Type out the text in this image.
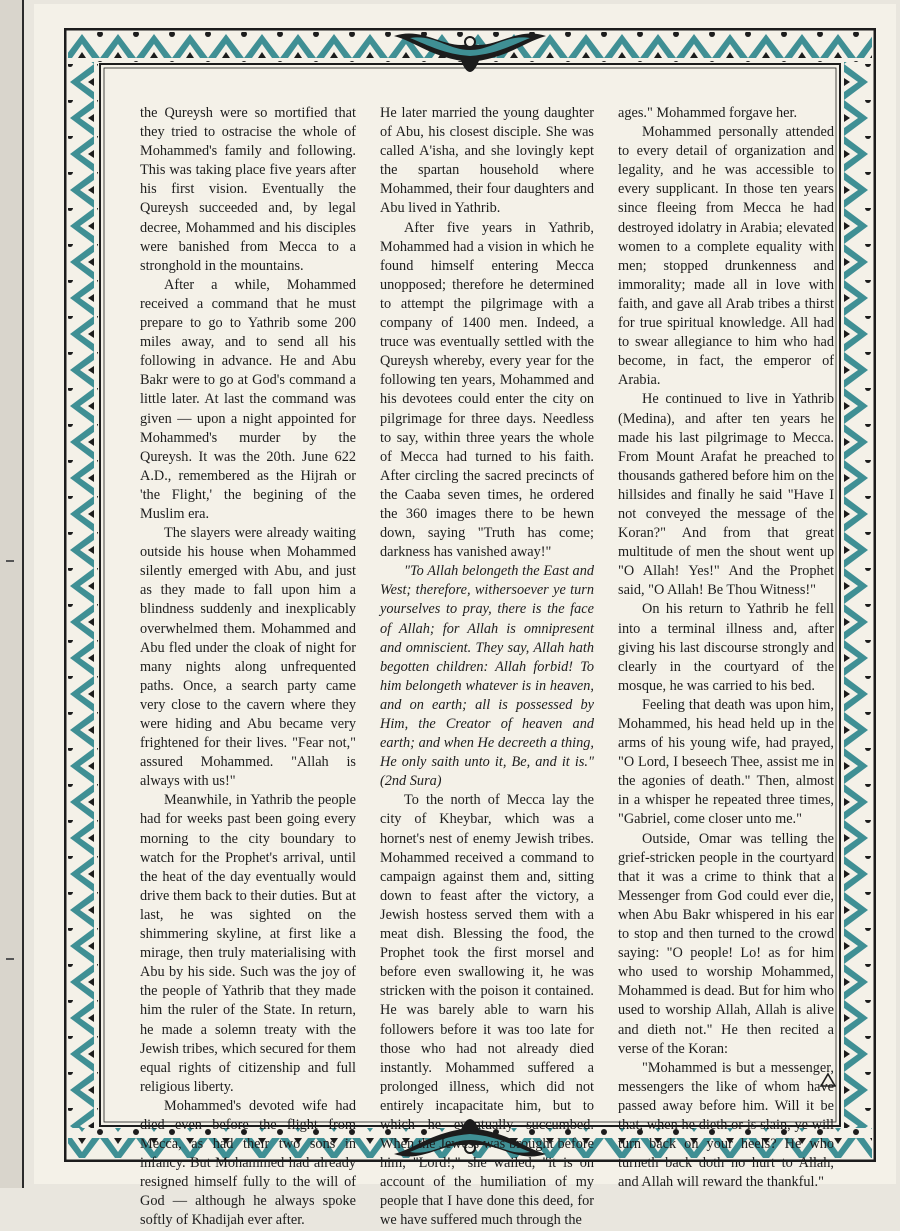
the Qureysh were so mortified that they tried to ostracise the whole of Mohammed's family and following. This was taking place five years after his first vision. Eventually the Qureysh succeeded and, by legal decree, Mohammed and his disciples were banished from Mecca to a stronghold in the mountains.

After a while, Mohammed received a command that he must prepare to go to Yathrib some 200 miles away, and to send all his following in advance. He and Abu Bakr were to go at God's command a little later. At last the command was given — upon a night appointed for Mohammed's murder by the Qureysh. It was the 20th. June 622 A.D., remembered as the Hijrah or 'the Flight,' the begining of the Muslim era.

The slayers were already waiting outside his house when Mohammed silently emerged with Abu, and just as they made to fall upon him a blindness suddenly and inexplicably overwhelmed them. Mohammed and Abu fled under the cloak of night for many nights along unfrequented paths. Once, a search party came very close to the cavern where they were hiding and Abu became very frightened for their lives. "Fear not," assured Mohammed. "Allah is always with us!"

Meanwhile, in Yathrib the people had for weeks past been going every morning to the city boundary to watch for the Prophet's arrival, until the heat of the day eventually would drive them back to their duties. But at last, he was sighted on the shimmering skyline, at first like a mirage, then truly materialising with Abu by his side. Such was the joy of the people of Yathrib that they made him the ruler of the State. In return, he made a solemn treaty with the Jewish tribes, which secured for them equal rights of citizenship and full religious liberty.

Mohammed's devoted wife had died even before the flight from Mecca, as had their two sons in infancy. But Mohammed had already resigned himself fully to the will of God — although he always spoke softly of Khadijah ever after.

He later married the young daughter of Abu, his closest disciple. She was called A'isha, and she lovingly kept the spartan household where Mohammed, their four daughters and Abu lived in Yathrib.

After five years in Yathrib, Mohammed had a vision in which he found himself entering Mecca unopposed; therefore he determined to attempt the pilgrimage with a company of 1400 men. Indeed, a truce was eventually settled with the Qureysh whereby, every year for the following ten years, Mohammed and his devotees could enter the city on pilgrimage for three days. Needless to say, within three years the whole of Mecca had turned to his faith. After circling the sacred precincts of the Caaba seven times, he ordered the 360 images there to be hewn down, saying "Truth has come; darkness has vanished away!"

"To Allah belongeth the East and West; therefore, withersoever ye turn yourselves to pray, there is the face of Allah; for Allah is omnipresent and omniscient. They say, Allah hath begotten children: Allah forbid! To him belongeth whatever is in heaven, and on earth; all is possessed by Him, the Creator of heaven and earth; and when He decreeth a thing, He only saith unto it, Be, and it is." (2nd Sura)

To the north of Mecca lay the city of Kheybar, which was a hornet's nest of enemy Jewish tribes. Mohammed received a command to campaign against them and, sitting down to feast after the victory, a Jewish hostess served them with a meat dish. Blessing the food, the Prophet took the first morsel and before even swallowing it, he was stricken with the poison it contained. He was barely able to warn his followers before it was too late for those who had not already died instantly. Mohammed suffered a prolonged illness, which did not entirely incapacitate him, but to which he eventually succumbed. When the Jewess was brought before him, "Lord!," she wailed, "it is on account of the humiliation of my people that I have done this deed, for we have suffered much through the

ages." Mohammed forgave her.

Mohammed personally attended to every detail of organization and legality, and he was accessible to every supplicant. In those ten years since fleeing from Mecca he had destroyed idolatry in Arabia; elevated women to a complete equality with men; stopped drunkenness and immorality; made all in love with faith, and gave all Arab tribes a thirst for true spiritual knowledge. All had to swear allegiance to him who had become, in fact, the emperor of Arabia.

He continued to live in Yathrib (Medina), and after ten years he made his last pilgrimage to Mecca. From Mount Arafat he preached to thousands gathered before him on the hillsides and finally he said "Have I not conveyed the message of the Koran?" And from that great multitude of men the shout went up "O Allah! Yes!" And the Prophet said, "O Allah! Be Thou Witness!"

On his return to Yathrib he fell into a terminal illness and, after giving his last discourse strongly and clearly in the courtyard of the mosque, he was carried to his bed.

Feeling that death was upon him, Mohammed, his head held up in the arms of his young wife, had prayed, "O Lord, I beseech Thee, assist me in the agonies of death." Then, almost in a whisper he repeated three times, "Gabriel, come closer unto me."

Outside, Omar was telling the grief-stricken people in the courtyard that it was a crime to think that a Messenger from God could ever die, when Abu Bakr whispered in his ear to stop and then turned to the crowd saying: "O people! Lo! as for him who used to worship Mohammed, Mohammed is dead. But for him who used to worship Allah, Allah is alive and dieth not." He then recited a verse of the Koran:

"Mohammed is but a messenger, messengers the like of whom have passed away before him. Will it be that, when he dieth or is slain, ye will turn back on your heels? He who turneth back doth no hurt to Allah, and Allah will reward the thankful."
